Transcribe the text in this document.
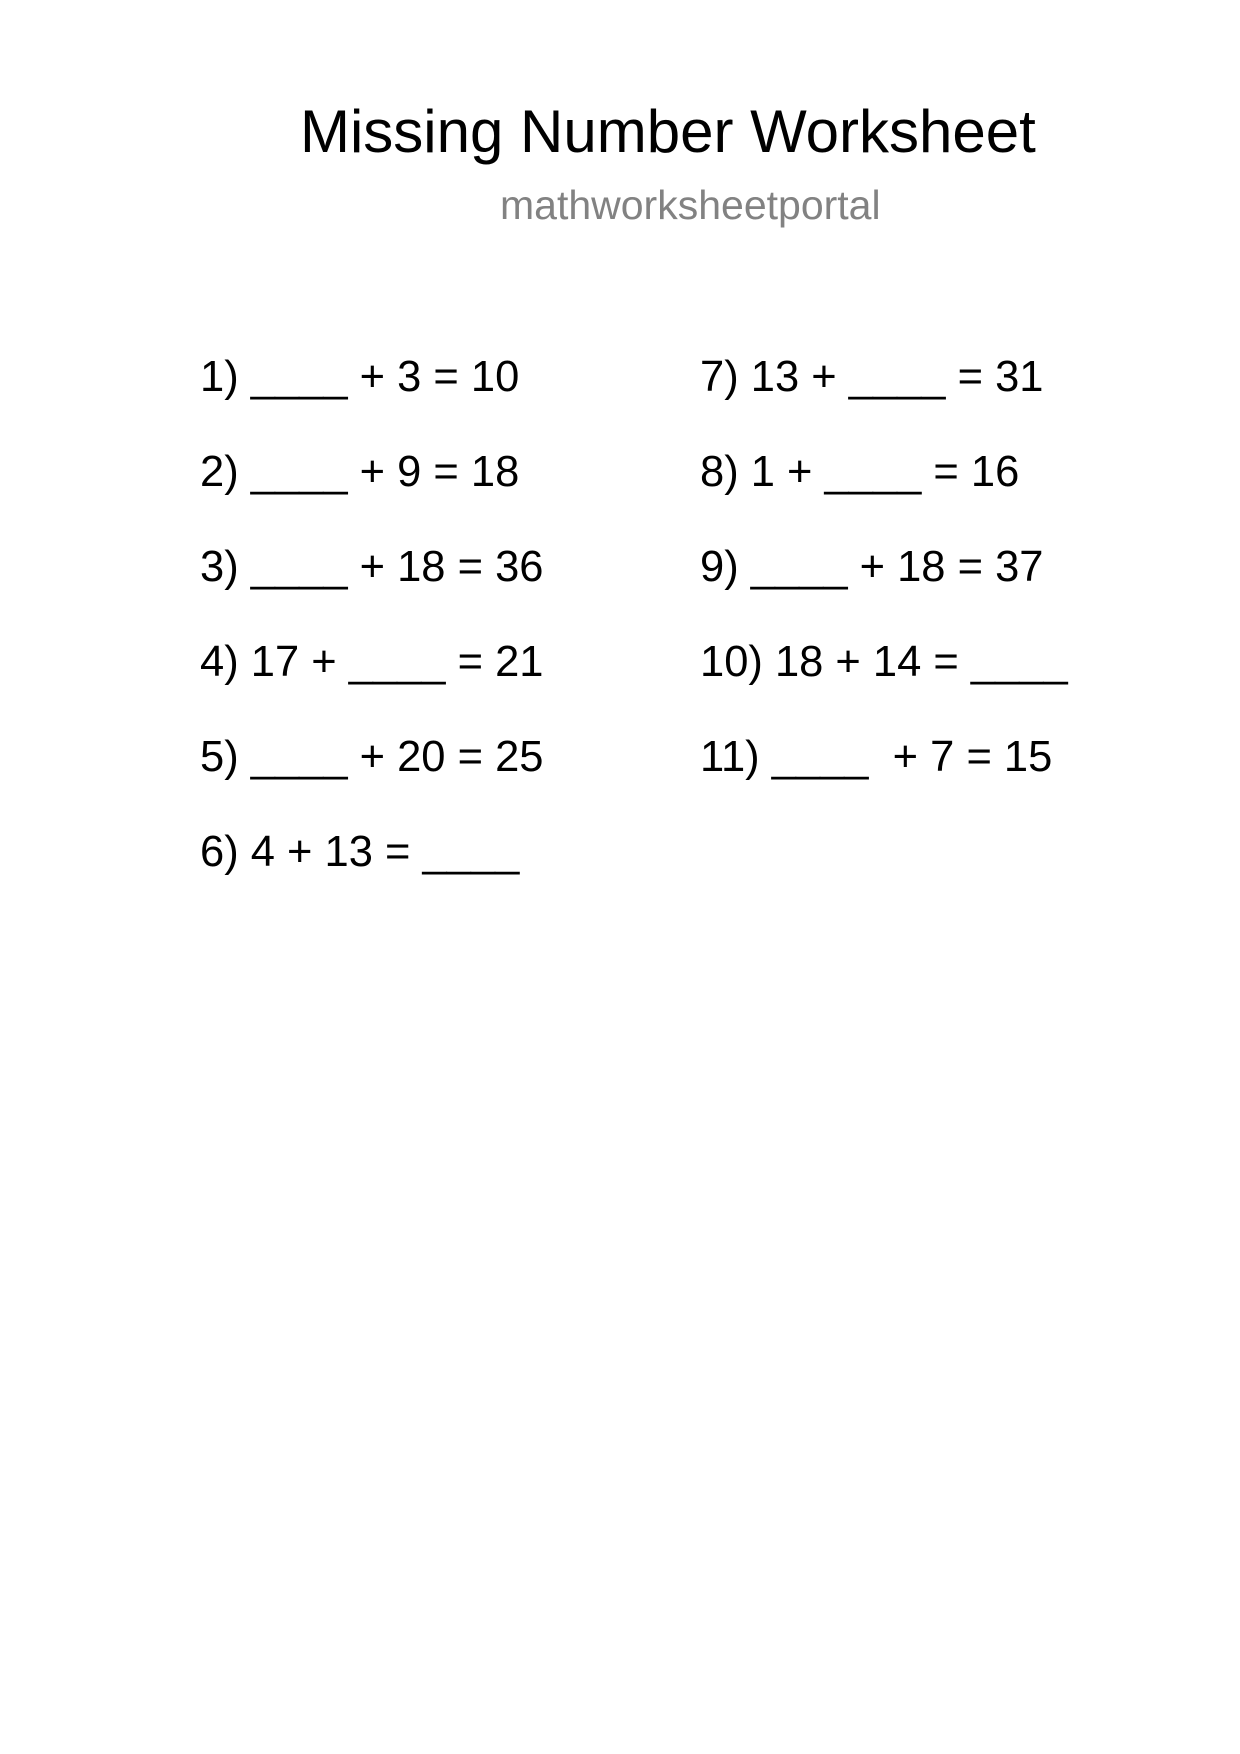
Missing Number Worksheet
mathworksheetportal
1) ____ + 3 = 10
2) ____ + 9 = 18
3) ____ + 18 = 36
4) 17 + ____ = 21
5) ____ + 20 = 25
6) 4 + 13 = ____
7) 13 + ____ = 31
8) 1 + ____ = 16
9) ____ + 18 = 37
10) 18 + 14 = ____
11) ____  + 7 = 15
